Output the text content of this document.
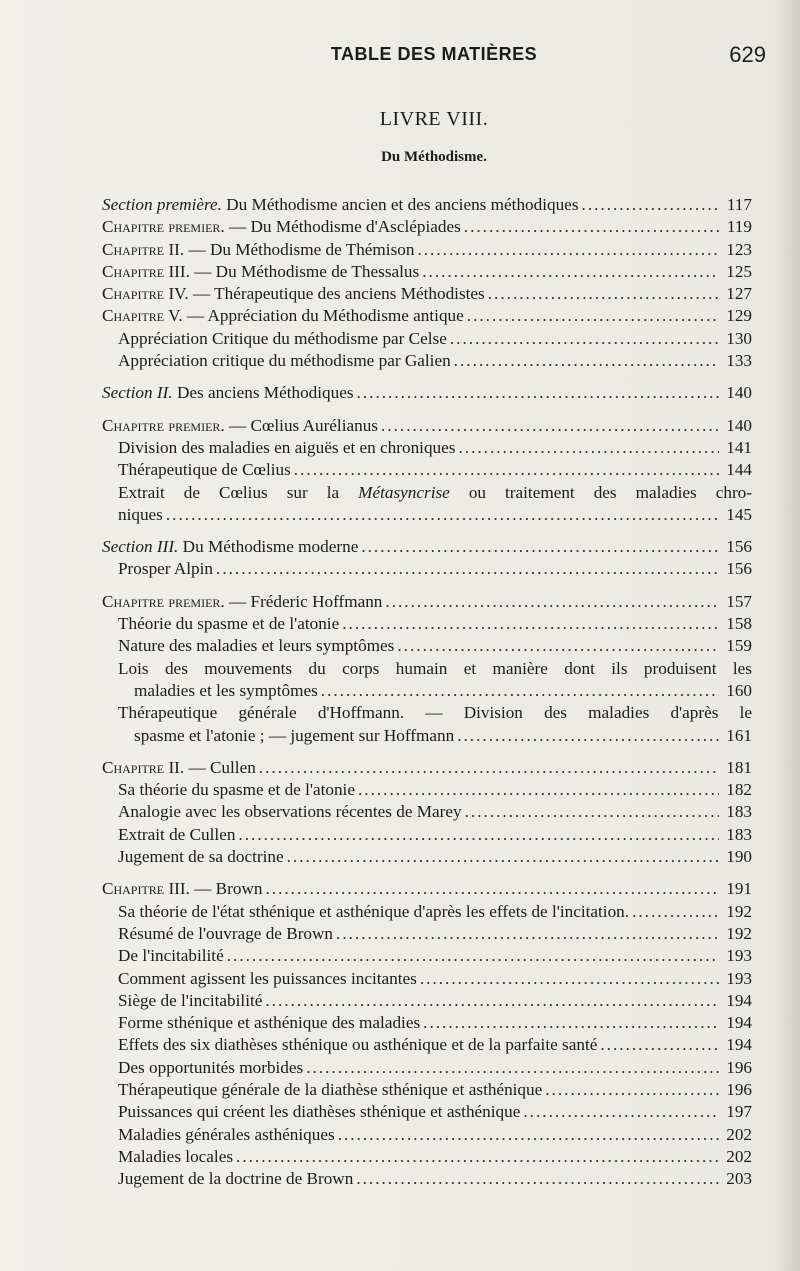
TABLE DES MATIÈRES	629
LIVRE VIII.
Du Méthodisme.
Section première. Du Méthodisme ancien et des anciens méthodiques .....	117
Chapitre premier. — Du Méthodisme d'Asclépiades .....	119
Chapitre II. — Du Méthodisme de Thémison .....	123
Chapitre III. — Du Méthodisme de Thessalus .....	125
Chapitre IV. — Thérapeutique des anciens Méthodistes .....	127
Chapitre V. — Appréciation du Méthodisme antique .....	129
Appréciation Critique du méthodisme par Celse .....	130
Appréciation critique du méthodisme par Galien .....	133
Section II. Des anciens Méthodiques .....	140
Chapitre premier. — Cœlius Aurélianus .....	140
Division des maladies en aiguës et en chroniques .....	141
Thérapeutique de Cœlius .....	144
Extrait de Cœlius sur la Métasyncrise ou traitement des maladies chro-
niques .....	145
Section III. Du Méthodisme moderne .....	156
Prosper Alpin .....	156
Chapitre premier. — Fréderic Hoffmann .....	157
Théorie du spasme et de l'atonie .....	158
Nature des maladies et leurs symptômes .....	159
Lois des mouvements du corps humain et manière dont ils produisent les
maladies et les symptômes .....	160
Thérapeutique générale d'Hoffmann. — Division des maladies d'après le
spasme et l'atonie ; — jugement sur Hoffmann .....	161
Chapitre II. — Cullen .....	181
Sa théorie du spasme et de l'atonie .....	182
Analogie avec les observations récentes de Marey .....	183
Extrait de Cullen .....	183
Jugement de sa doctrine .....	190
Chapitre III. — Brown .....	191
Sa théorie de l'état sthénique et asthénique d'après les effets de l'incitation. .....	192
Résumé de l'ouvrage de Brown .....	192
De l'incitabilité .....	193
Comment agissent les puissances incitantes .....	193
Siège de l'incitabilité .....	194
Forme sthénique et asthénique des maladies .....	194
Effets des six diathèses sthénique ou asthénique et de la parfaite santé .....	194
Des opportunités morbides .....	196
Thérapeutique générale de la diathèse sthénique et asthénique .....	196
Puissances qui créent les diathèses sthénique et asthénique .....	197
Maladies générales asthéniques .....	202
Maladies locales .....	202
Jugement de la doctrine de Brown .....	203
